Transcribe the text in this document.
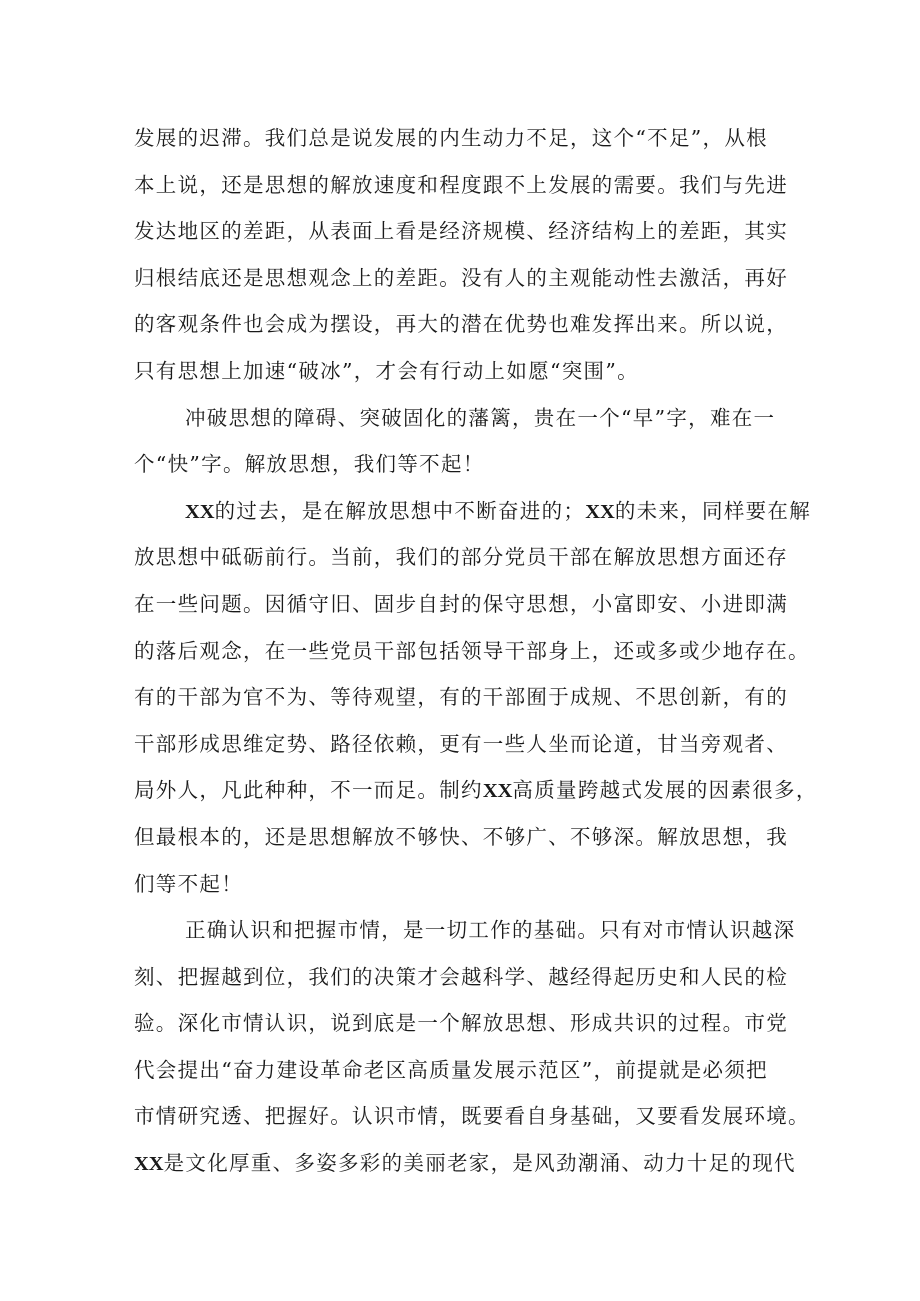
发展的迟滞。我们总是说发展的内生动力不足，这个“不足”，从根
本上说，还是思想的解放速度和程度跟不上发展的需要。我们与先进
发达地区的差距，从表面上看是经济规模、经济结构上的差距，其实
归根结底还是思想观念上的差距。没有人的主观能动性去激活，再好
的客观条件也会成为摆设，再大的潜在优势也难发挥出来。所以说，
只有思想上加速“破冰”，才会有行动上如愿“突围”。
冲破思想的障碍、突破固化的藩篱，贵在一个“早”字，难在一
个“快”字。解放思想，我们等不起！
XX的过去，是在解放思想中不断奋进的；XX的未来，同样要在解
放思想中砥砺前行。当前，我们的部分党员干部在解放思想方面还存
在一些问题。因循守旧、固步自封的保守思想，小富即安、小进即满
的落后观念，在一些党员干部包括领导干部身上，还或多或少地存在。
有的干部为官不为、等待观望，有的干部囿于成规、不思创新，有的
干部形成思维定势、路径依赖，更有一些人坐而论道，甘当旁观者、
局外人，凡此种种，不一而足。制约XX高质量跨越式发展的因素很多，
但最根本的，还是思想解放不够快、不够广、不够深。解放思想，我
们等不起！
正确认识和把握市情，是一切工作的基础。只有对市情认识越深
刻、把握越到位，我们的决策才会越科学、越经得起历史和人民的检
验。深化市情认识，说到底是一个解放思想、形成共识的过程。市党
代会提出“奋力建设革命老区高质量发展示范区”，前提就是必须把
市情研究透、把握好。认识市情，既要看自身基础，又要看发展环境。
XX是文化厚重、多姿多彩的美丽老家，是风劲潮涌、动力十足的现代
